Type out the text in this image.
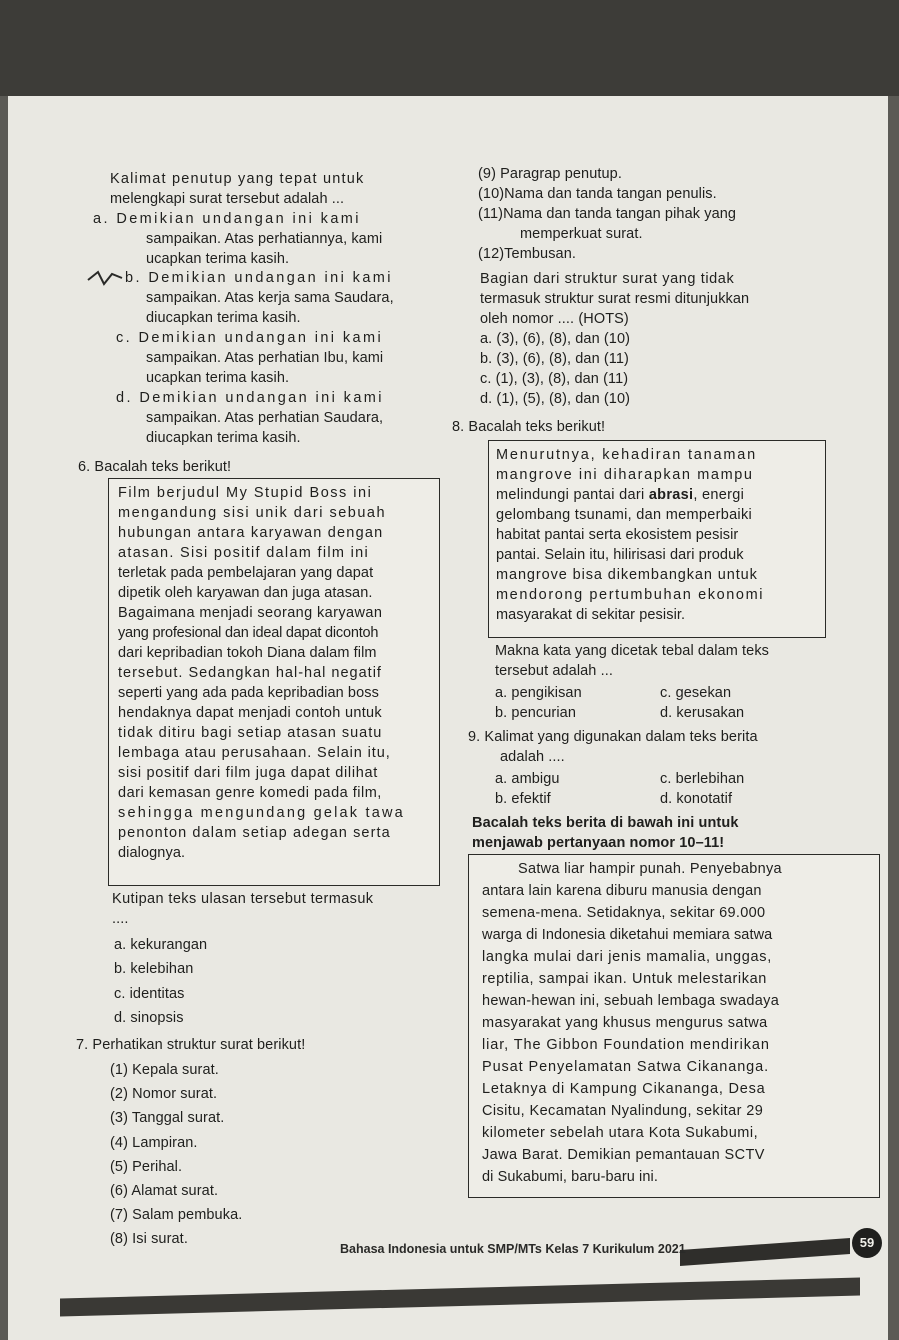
Kalimat penutup yang tepat untuk
melengkapi surat tersebut adalah ...
a. Demikian undangan ini kami
sampaikan. Atas perhatiannya, kami
ucapkan terima kasih.
b. Demikian undangan ini kami
sampaikan. Atas kerja sama Saudara,
diucapkan terima kasih.
c. Demikian undangan ini kami
sampaikan. Atas perhatian Ibu, kami
ucapkan terima kasih.
d. Demikian undangan ini kami
sampaikan. Atas perhatian Saudara,
diucapkan terima kasih.
6. Bacalah teks berikut!
Film berjudul My Stupid Boss ini
mengandung sisi unik dari sebuah
hubungan antara karyawan dengan
atasan. Sisi positif dalam film ini
terletak pada pembelajaran yang dapat
dipetik oleh karyawan dan juga atasan.
Bagaimana menjadi seorang karyawan
yang profesional dan ideal dapat dicontoh
dari kepribadian tokoh Diana dalam film
tersebut. Sedangkan hal-hal negatif
seperti yang ada pada kepribadian boss
hendaknya dapat menjadi contoh untuk
tidak ditiru bagi setiap atasan suatu
lembaga atau perusahaan. Selain itu,
sisi positif dari film juga dapat dilihat
dari kemasan genre komedi pada film,
sehingga mengundang gelak tawa
penonton dalam setiap adegan serta
dialognya.
Kutipan teks ulasan tersebut termasuk
....
a. kekurangan
b. kelebihan
c. identitas
d. sinopsis
7. Perhatikan struktur surat berikut!
(1) Kepala surat.
(2) Nomor surat.
(3) Tanggal surat.
(4) Lampiran.
(5) Perihal.
(6) Alamat surat.
(7) Salam pembuka.
(8) Isi surat.
(9) Paragrap penutup.
(10)Nama dan tanda tangan penulis.
(11)Nama dan tanda tangan pihak yang
memperkuat surat.
(12)Tembusan.
Bagian dari struktur surat yang tidak
termasuk struktur surat resmi ditunjukkan
oleh nomor .... (HOTS)
a. (3), (6), (8), dan (10)
b. (3), (6), (8), dan (11)
c. (1), (3), (8), dan (11)
d. (1), (5), (8), dan (10)
8. Bacalah teks berikut!
Menurutnya, kehadiran tanaman
mangrove ini diharapkan mampu
melindungi pantai dari abrasi, energi
gelombang tsunami, dan memperbaiki
habitat pantai serta ekosistem pesisir
pantai. Selain itu, hilirisasi dari produk
mangrove bisa dikembangkan untuk
mendorong pertumbuhan ekonomi
masyarakat di sekitar pesisir.
Makna kata yang dicetak tebal dalam teks
tersebut adalah ...
a. pengikisan
b. pencurian
c. gesekan
d. kerusakan
9. Kalimat yang digunakan dalam teks berita
adalah ....
a. ambigu
b. efektif
c. berlebihan
d. konotatif
Bacalah teks berita di bawah ini untuk
menjawab pertanyaan nomor 10–11!
Satwa liar hampir punah. Penyebabnya
antara lain karena diburu manusia dengan
semena-mena. Setidaknya, sekitar 69.000
warga di Indonesia diketahui memiara satwa
langka mulai dari jenis mamalia, unggas,
reptilia, sampai ikan. Untuk melestarikan
hewan-hewan ini, sebuah lembaga swadaya
masyarakat yang khusus mengurus satwa
liar, The Gibbon Foundation mendirikan
Pusat Penyelamatan Satwa Cikananga.
Letaknya di Kampung Cikananga, Desa
Cisitu, Kecamatan Nyalindung, sekitar 29
kilometer sebelah utara Kota Sukabumi,
Jawa Barat. Demikian pemantauan SCTV
di Sukabumi, baru-baru ini.
Bahasa Indonesia untuk SMP/MTs Kelas 7 Kurikulum 2021	59
